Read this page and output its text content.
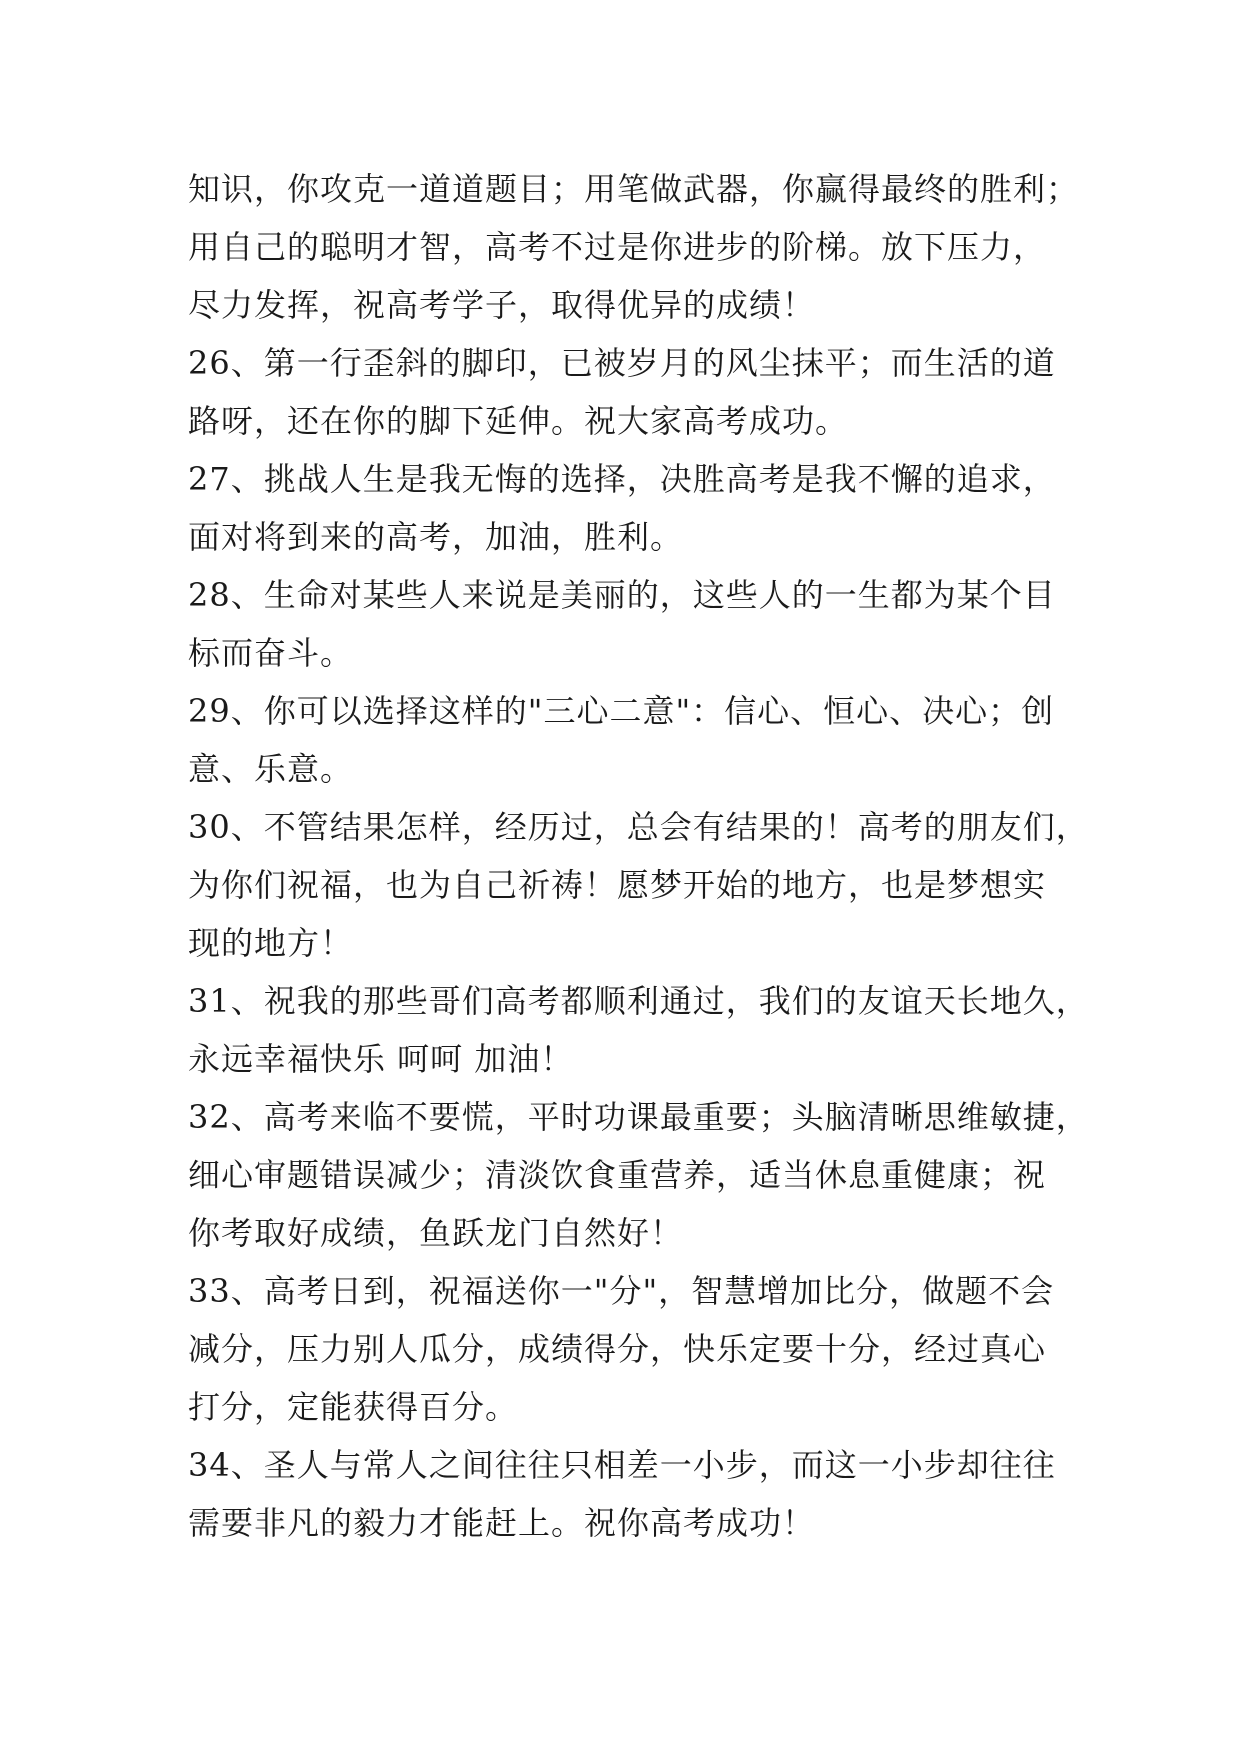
知识，你攻克一道道题目；用笔做武器，你赢得最终的胜利；
用自己的聪明才智，高考不过是你进步的阶梯。放下压力，
尽力发挥，祝高考学子，取得优异的成绩！
26、第一行歪斜的脚印，已被岁月的风尘抹平；而生活的道
路呀，还在你的脚下延伸。祝大家高考成功。
27、挑战人生是我无悔的选择，决胜高考是我不懈的追求，
面对将到来的高考，加油，胜利。
28、生命对某些人来说是美丽的，这些人的一生都为某个目
标而奋斗。
29、你可以选择这样的"三心二意"：信心、恒心、决心；创
意、乐意。
30、不管结果怎样，经历过，总会有结果的！高考的朋友们，
为你们祝福，也为自己祈祷！愿梦开始的地方，也是梦想实
现的地方！
31、祝我的那些哥们高考都顺利通过，我们的友谊天长地久，
永远幸福快乐 呵呵 加油！
32、高考来临不要慌，平时功课最重要；头脑清晰思维敏捷，
细心审题错误减少；清淡饮食重营养，适当休息重健康；祝
你考取好成绩，鱼跃龙门自然好！
33、高考日到，祝福送你一"分"，智慧增加比分，做题不会
减分，压力别人瓜分，成绩得分，快乐定要十分，经过真心
打分，定能获得百分。
34、圣人与常人之间往往只相差一小步，而这一小步却往往
需要非凡的毅力才能赶上。祝你高考成功！
